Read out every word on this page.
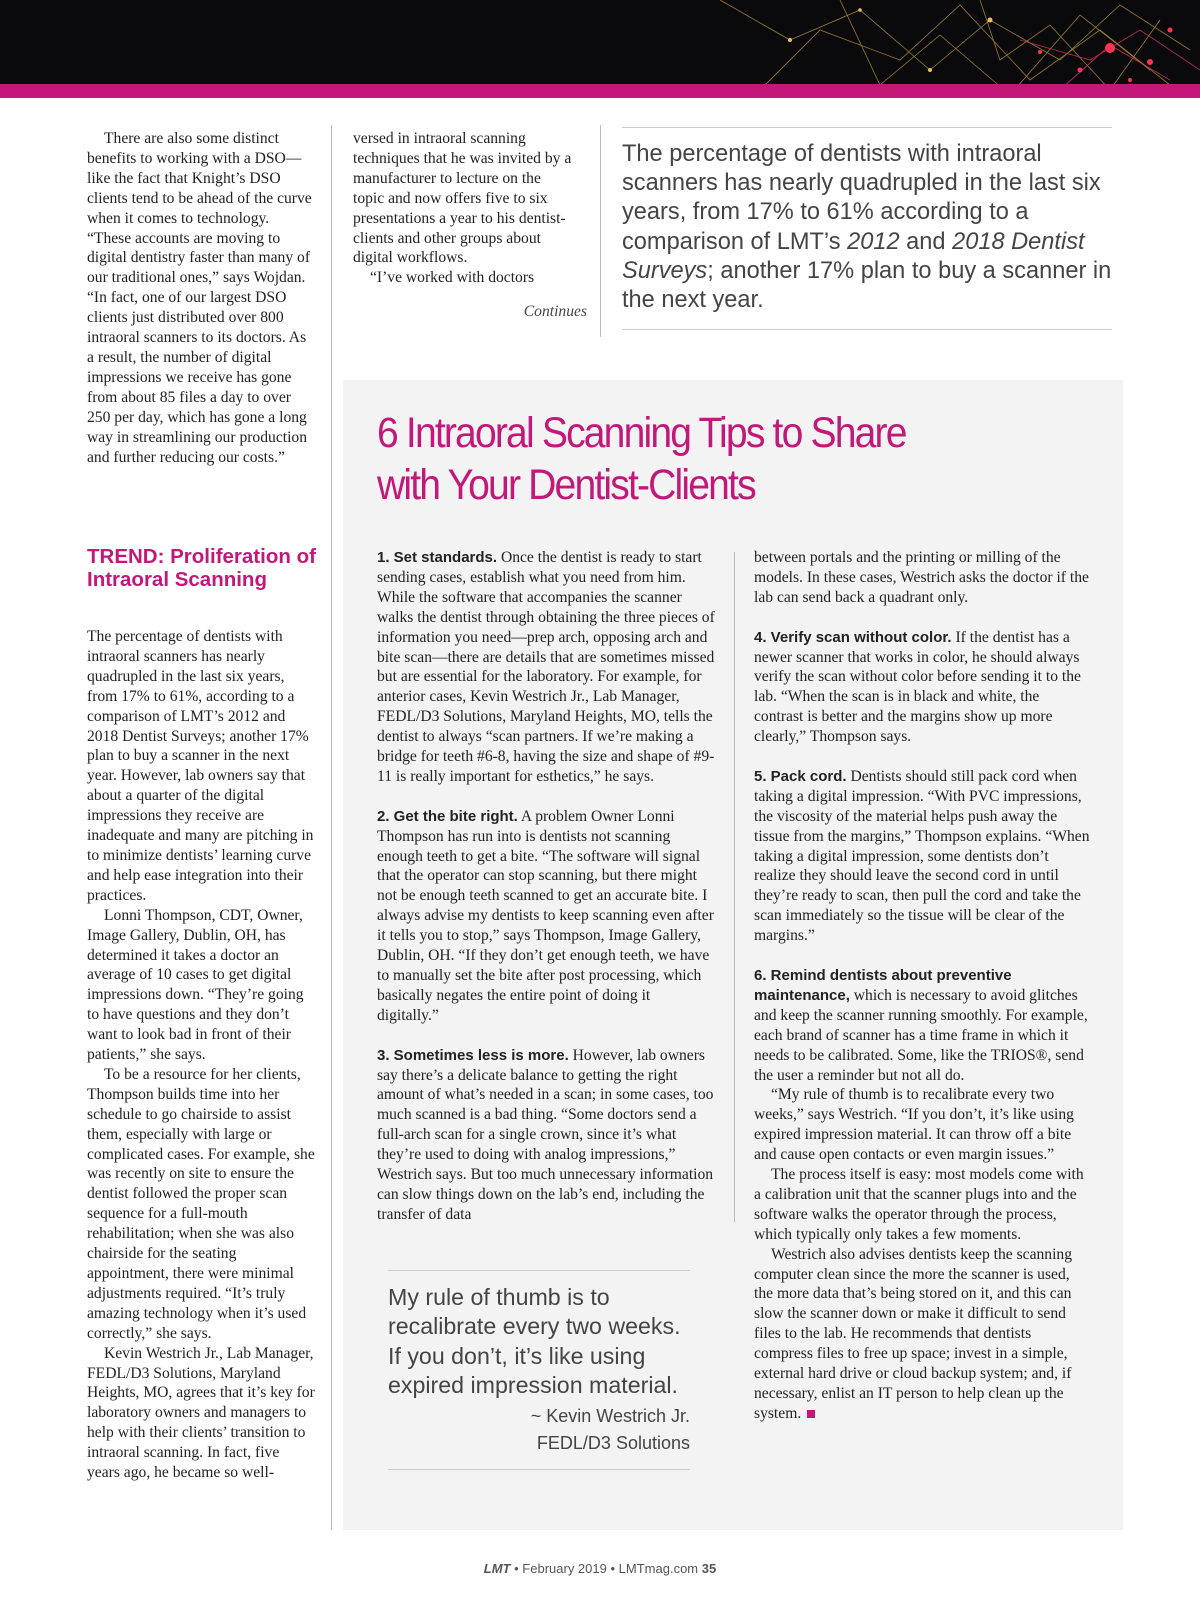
There are also some distinct benefits to working with a DSO—like the fact that Knight’s DSO clients tend to be ahead of the curve when it comes to technology. “These accounts are moving to digital dentistry faster than many of our traditional ones,” says Wojdan. “In fact, one of our largest DSO clients just distributed over 800 intraoral scanners to its doctors. As a result, the number of digital impressions we receive has gone from about 85 files a day to over 250 per day, which has gone a long way in streamlining our production and further reducing our costs.”

TREND: Proliferation of Intraoral Scanning

The percentage of dentists with intraoral scanners has nearly quadrupled in the last six years, from 17% to 61%, according to a comparison of LMT’s 2012 and 2018 Dentist Surveys; another 17% plan to buy a scanner in the next year. However, lab owners say that about a quarter of the digital impressions they receive are inadequate and many are pitching in to minimize dentists’ learning curve and help ease integration into their practices.

Lonni Thompson, CDT, Owner, Image Gallery, Dublin, OH, has determined it takes a doctor an average of 10 cases to get digital impressions down. “They’re going to have questions and they don’t want to look bad in front of their patients,” she says.

To be a resource for her clients, Thompson builds time into her schedule to go chairside to assist them, especially with large or complicated cases. For example, she was recently on site to ensure the dentist followed the proper scan sequence for a full-mouth rehabilitation; when she was also chairside for the seating appointment, there were minimal adjustments required. “It’s truly amazing technology when it’s used correctly,” she says.

Kevin Westrich Jr., Lab Manager, FEDL/D3 Solutions, Maryland Heights, MO, agrees that it’s key for laboratory owners and managers to help with their clients’ transition to intraoral scanning. In fact, five years ago, he became so well-

versed in intraoral scanning techniques that he was invited by a manufacturer to lecture on the topic and now offers five to six presentations a year to his dentist-clients and other groups about digital workflows.

“I’ve worked with doctors

Continues
The percentage of dentists with intraoral scanners has nearly quadrupled in the last six years, from 17% to 61% according to a comparison of LMT’s 2012 and 2018 Dentist Surveys; another 17% plan to buy a scanner in the next year.
6 Intraoral Scanning Tips to Share
with Your Dentist-Clients

1. Set standards. Once the dentist is ready to start sending cases, establish what you need from him. While the software that accompanies the scanner walks the dentist through obtaining the three pieces of information you need—prep arch, opposing arch and bite scan—there are details that are sometimes missed but are essential for the laboratory. For example, for anterior cases, Kevin Westrich Jr., Lab Manager, FEDL/D3 Solutions, Maryland Heights, MO, tells the dentist to always “scan partners. If we’re making a bridge for teeth #6-8, having the size and shape of #9-11 is really important for esthetics,” he says.

2. Get the bite right. A problem Owner Lonni Thompson has run into is dentists not scanning enough teeth to get a bite. “The software will signal that the operator can stop scanning, but there might not be enough teeth scanned to get an accurate bite. I always advise my dentists to keep scanning even after it tells you to stop,” says Thompson, Image Gallery, Dublin, OH. “If they don’t get enough teeth, we have to manually set the bite after post processing, which basically negates the entire point of doing it digitally.”

3. Sometimes less is more. However, lab owners say there’s a delicate balance to getting the right amount of what’s needed in a scan; in some cases, too much scanned is a bad thing. “Some doctors send a full-arch scan for a single crown, since it’s what they’re used to doing with analog impressions,” Westrich says. But too much unnecessary information can slow things down on the lab’s end, including the transfer of data

between portals and the printing or milling of the models. In these cases, Westrich asks the doctor if the lab can send back a quadrant only.

4. Verify scan without color. If the dentist has a newer scanner that works in color, he should always verify the scan without color before sending it to the lab. “When the scan is in black and white, the contrast is better and the margins show up more clearly,” Thompson says.

5. Pack cord. Dentists should still pack cord when taking a digital impression. “With PVC impressions, the viscosity of the material helps push away the tissue from the margins,” Thompson explains. “When taking a digital impression, some dentists don’t realize they should leave the second cord in until they’re ready to scan, then pull the cord and take the scan immediately so the tissue will be clear of the margins.”

6. Remind dentists about preventive maintenance, which is necessary to avoid glitches and keep the scanner running smoothly. For example, each brand of scanner has a time frame in which it needs to be calibrated. Some, like the TRIOS®, send the user a reminder but not all do.

“My rule of thumb is to recalibrate every two weeks,” says Westrich. “If you don’t, it’s like using expired impression material. It can throw off a bite and cause open contacts or even margin issues.”

The process itself is easy: most models come with a calibration unit that the scanner plugs into and the software walks the operator through the process, which typically only takes a few moments.

Westrich also advises dentists keep the scanning computer clean since the more the scanner is used, the more data that’s being stored on it, and this can slow the scanner down or make it difficult to send files to the lab. He recommends that dentists compress files to free up space; invest in a simple, external hard drive or cloud backup system; and, if necessary, enlist an IT person to help clean up the system.

My rule of thumb is to recalibrate every two weeks. If you don’t, it’s like using expired impression material.
~ Kevin Westrich Jr.
FEDL/D3 Solutions
LMT • February 2019 • LMTmag.com 35
